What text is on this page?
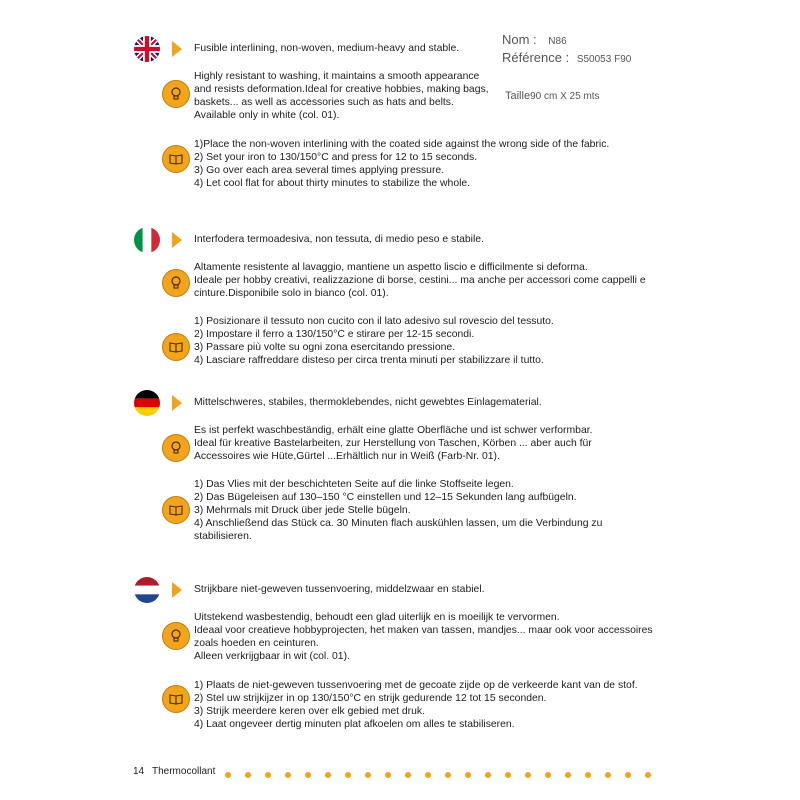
Nom : N86
Référence : S50053 F90
Taille90 cm X 25 mts
Fusible interlining, non-woven, medium-heavy and stable.
Highly resistant to washing, it maintains a smooth appearance
and resists deformation.Ideal for creative hobbies, making bags,
baskets... as well as accessories such as hats and belts.
Available only in white (col. 01).
1)Place the non-woven interlining with the coated side against the wrong side of the fabric.
2) Set your iron to 130/150°C and press for 12 to 15 seconds.
3) Go over each area several times applying pressure.
4) Let cool flat for about thirty minutes to stabilize the whole.
Interfodera termoadesiva, non tessuta, di medio peso e stabile.
Altamente resistente al lavaggio, mantiene un aspetto liscio e difficilmente si deforma.
Ideale per hobby creativi, realizzazione di borse, cestini... ma anche per accessori come cappelli e
cinture.Disponibile solo in bianco (col. 01).
1) Posizionare il tessuto non cucito con il lato adesivo sul rovescio del tessuto.
2) Impostare il ferro a 130/150°C e stirare per 12-15 secondi.
3) Passare più volte su ogni zona esercitando pressione.
4) Lasciare raffreddare disteso per circa trenta minuti per stabilizzare il tutto.
Mittelschweres, stabiles, thermoklebendes, nicht gewebtes Einlagematerial.
Es ist perfekt waschbeständig, erhält eine glatte Oberfläche und ist schwer verformbar.
Ideal für kreative Bastelarbeiten, zur Herstellung von Taschen, Körben ... aber auch für
Accessoires wie Hüte,Gürtel ...Erhältlich nur in Weiß (Farb-Nr. 01).
1) Das Vlies mit der beschichteten Seite auf die linke Stoffseite legen.
2) Das Bügeleisen auf 130–150 °C einstellen und 12–15 Sekunden lang aufbügeln.
3) Mehrmals mit Druck über jede Stelle bügeln.
4) Anschließend das Stück ca. 30 Minuten flach auskühlen lassen, um die Verbindung zu
stabilisieren.
Strijkbare niet-geweven tussenvoering, middelzwaar en stabiel.
Uitstekend wasbestendig, behoudt een glad uiterlijk en is moeilijk te vervormen.
Ideaal voor creatieve hobbyprojecten, het maken van tassen, mandjes... maar ook voor accessoires
zoals hoeden en ceinturen.
Alleen verkrijgbaar in wit (col. 01).
1) Plaats de niet-geweven tussenvoering met de gecoate zijde op de verkeerde kant van de stof.
2) Stel uw strijkijzer in op 130/150°C en strijk gedurende 12 tot 15 seconden.
3) Strijk meerdere keren over elk gebied met druk.
4) Laat ongeveer dertig minuten plat afkoelen om alles te stabiliseren.
14 Thermocollant
